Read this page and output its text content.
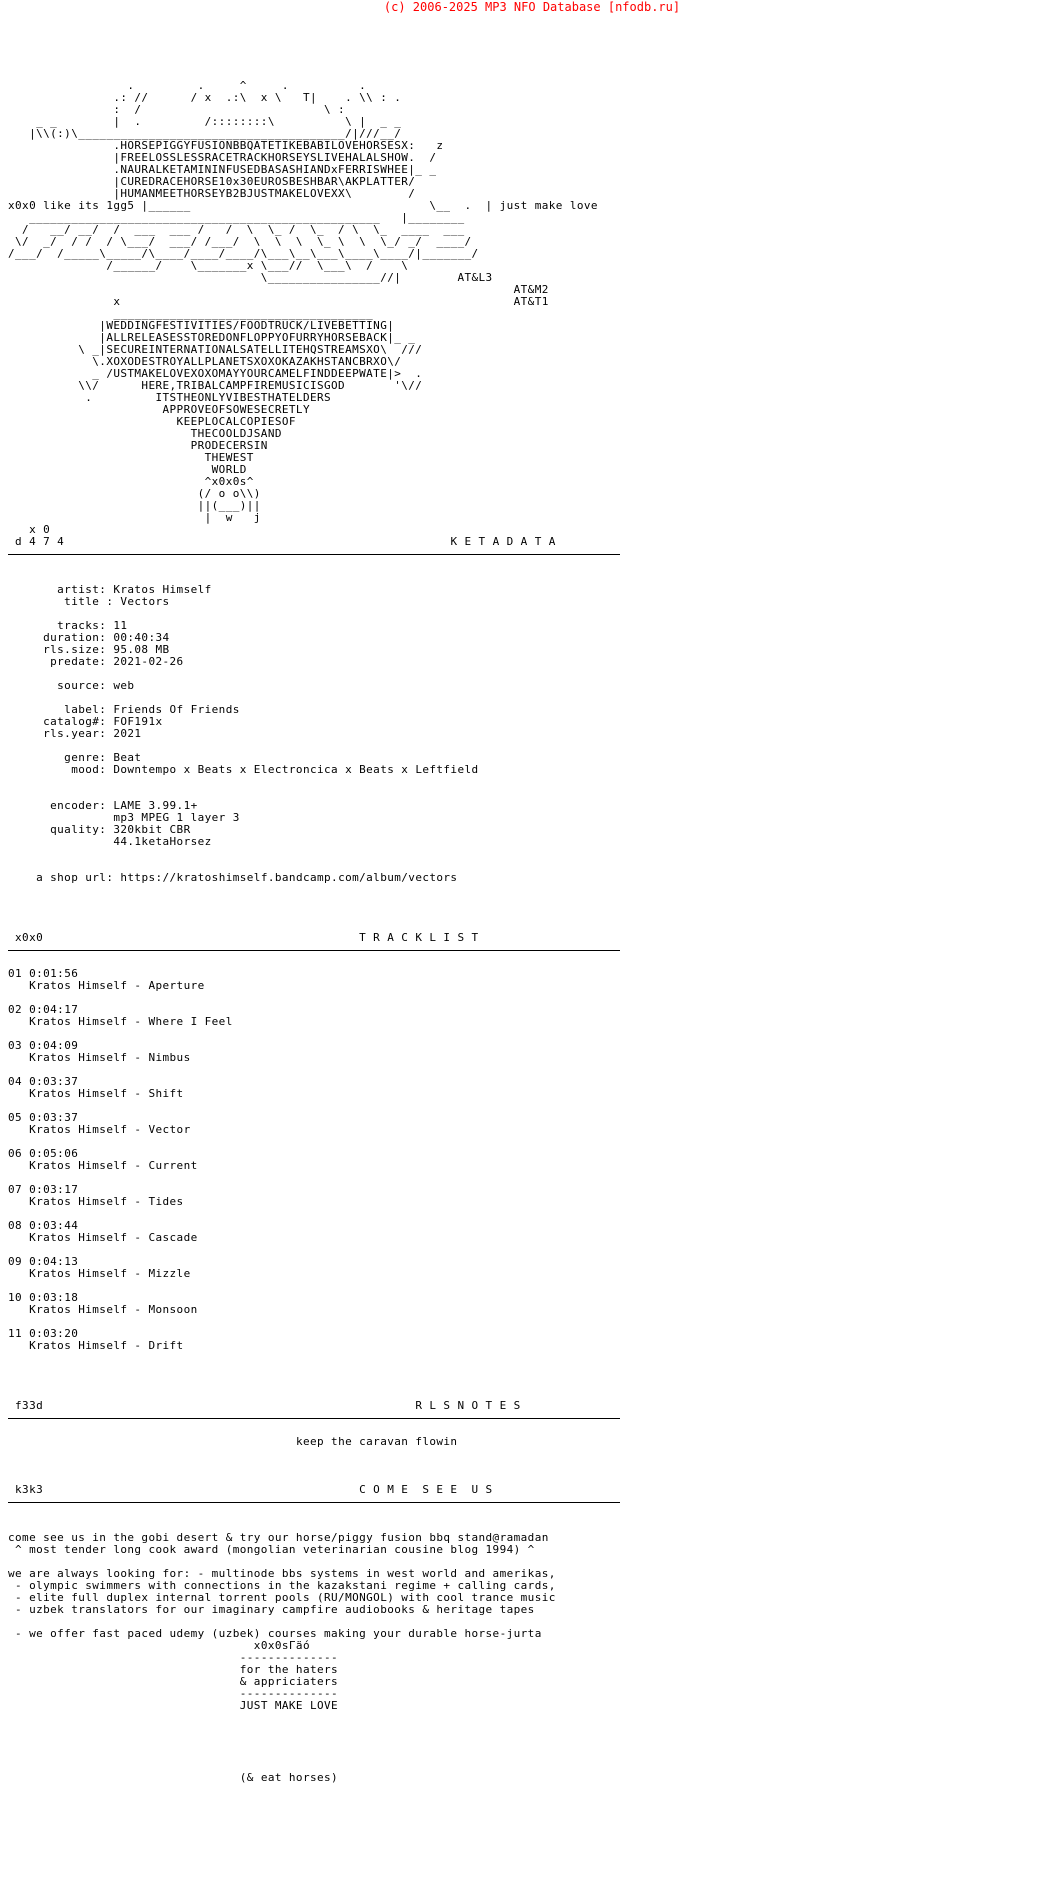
(c) 2006-2025 MP3 NFO Database [nfodb.ru]
.         .     ^     .          .
.: //      / x  .:\  x \   T|    . \\ : .
:  /                          \ :
_ _        |  .         /::::::::\          \ |  _ _
|\\(:)\______________________________________/|///__/
.HORSEPIGGYFUSIONBBQATETIKEBABILOVEHORSESX:   z
|FREELOSSLESSRACETRACKHORSEYSLIVEHALALSHOW.  /
.NAURALKETAMININFUSEDBASASHIANDxFERRISWHEE|_ _
|CUREDRACEHORSE10x30EUROSBESHBAR\AKPLATTER/
|HUMANMEETHORSEYB2BJUSTMAKELOVEXX\        /
x0x0 like its 1gg5 |______                                  \__  .  | just make love
__________________________________________________   |________
/   __/ __/  /  ___  ___ /   /  \  \_ /  \_  / \  \_  ____  ___
\/  _/  / /  / \___/  ___/ /___/  \  \  \  \_ \  \  \_/ _/  ____/
/___/  /_____\_____/\____/____/____/\___\__\___\____\____/|_______/
/______/    \_______x \___//  \___\  /    \
\________________//|	AT&L3
AT&M2
x	AT&T1
_____________________________________
|WEDDINGFESTIVITIES/FOODTRUCK/LIVEBETTING|
|ALLRELEASESSTOREDONFLOPPYOFURRYHORSEBACK|_ _
\ _|SECUREINTERNATIONALSATELLITEHQSTREAMSXO\  ///
\.XOXODESTROYALLPLANETSXOXOKAZAKHSTANCBRXO\/
_ /USTMAKELOVEXOXOMAYYOURCAMELFINDDEEPWATE|>  .
\\/      HERE,TRIBALCAMPFIREMUSICISGOD       '\//
.         ITSTHEONLYVIBESTHATELDERS
APPROVEOFSOWESECRETLY
KEEPLOCALCOPIESOF
THECOOLDJSAND
PRODECERSIN
THEWEST
WORLD
^x0x0s^
(/ o o\\)
||(___)||
|  w   j
x 0
d 4 7 4	K E T A D A T A

artist: Kratos Himself
title : Vectors

tracks: 11
duration: 00:40:34
rls.size: 95.08 MB
predate: 2021-02-26

source: web

label: Friends Of Friends
catalog#: FOF191x
rls.year: 2021

genre: Beat
mood: Downtempo x Beats x Electroncica x Beats x Leftfield

encoder: LAME 3.99.1+
mp3 MPEG 1 layer 3
quality: 320kbit CBR
44.1ketaHorsez

a shop url: https://kratoshimself.bandcamp.com/album/vectors

x0x0	T R A C K L I S T

01 0:01:56
Kratos Himself - Aperture

02 0:04:17
Kratos Himself - Where I Feel

03 0:04:09
Kratos Himself - Nimbus

04 0:03:37
Kratos Himself - Shift

05 0:03:37
Kratos Himself - Vector

06 0:05:06
Kratos Himself - Current

07 0:03:17
Kratos Himself - Tides

08 0:03:44
Kratos Himself - Cascade

09 0:04:13
Kratos Himself - Mizzle

10 0:03:18
Kratos Himself - Monsoon

11 0:03:20
Kratos Himself - Drift

f33d	R L S N O T E S

keep the caravan flowin

k3k3	C O M E  S E E  U S

come see us in the gobi desert & try our horse/piggy fusion bbq stand@ramadan
^ most tender long cook award (mongolian veterinarian cousine blog 1994) ^

we are always looking for: - multinode bbs systems in west world and amerikas,
- olympic swimmers with connections in the kazakstani regime + calling cards,
- elite full duplex internal torrent pools (RU/MONGOL) with cool trance music
- uzbek translators for our imaginary campfire audiobooks & heritage tapes

- we offer fast paced udemy (uzbek) courses making your durable horse-jurta
x0x0sГäó
--------------
for the haters
& appriciaters
--------------
JUST MAKE LOVE

(& eat horses)
